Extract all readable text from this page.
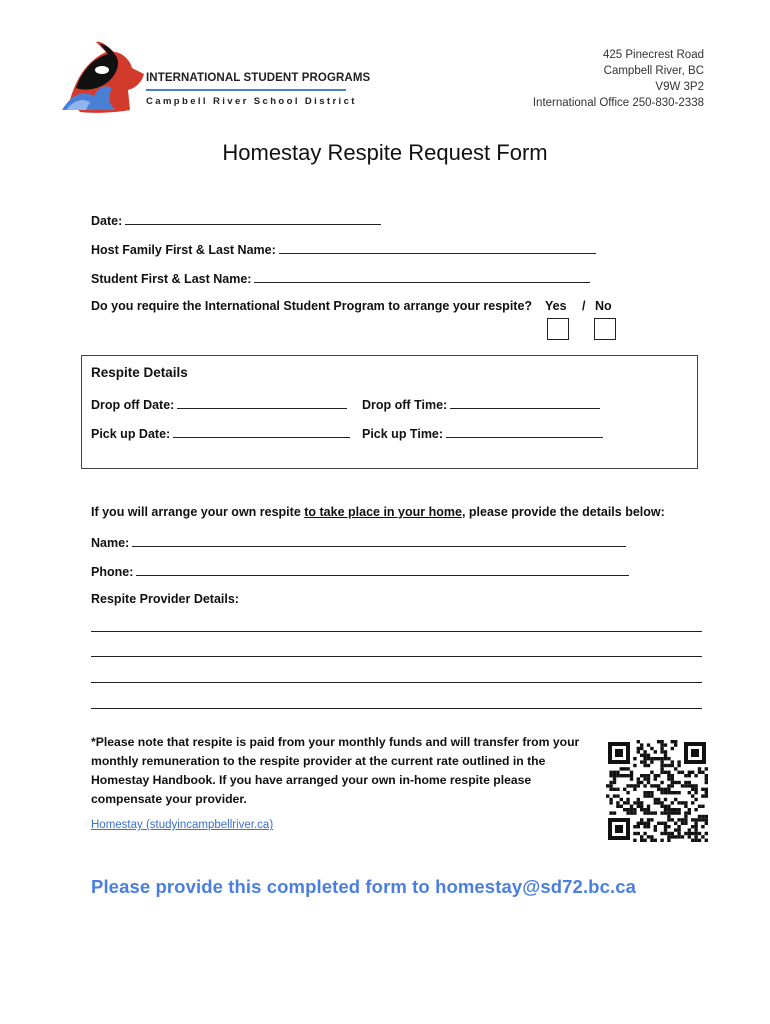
INTERNATIONAL STUDENT PROGRAMS
Campbell River School District
425 Pinecrest Road
Campbell River, BC
V9W 3P2
International Office 250-830-2338
Homestay Respite Request Form
Date:
Host Family First & Last Name:
Student First & Last Name:
Do you require the International Student Program to arrange your respite? Yes / No
Respite Details
Drop off Date:	Drop off Time:
Pick up Date:	Pick up Time:
If you will arrange your own respite to take place in your home, please provide the details below:
Name:
Phone:
Respite Provider Details:
*Please note that respite is paid from your monthly funds and will transfer from your monthly remuneration to the respite provider at the current rate outlined in the Homestay Handbook. If you have arranged your own in-home respite please compensate your provider.
Homestay (studyincampbellriver.ca)
Please provide this completed form to homestay@sd72.bc.ca
